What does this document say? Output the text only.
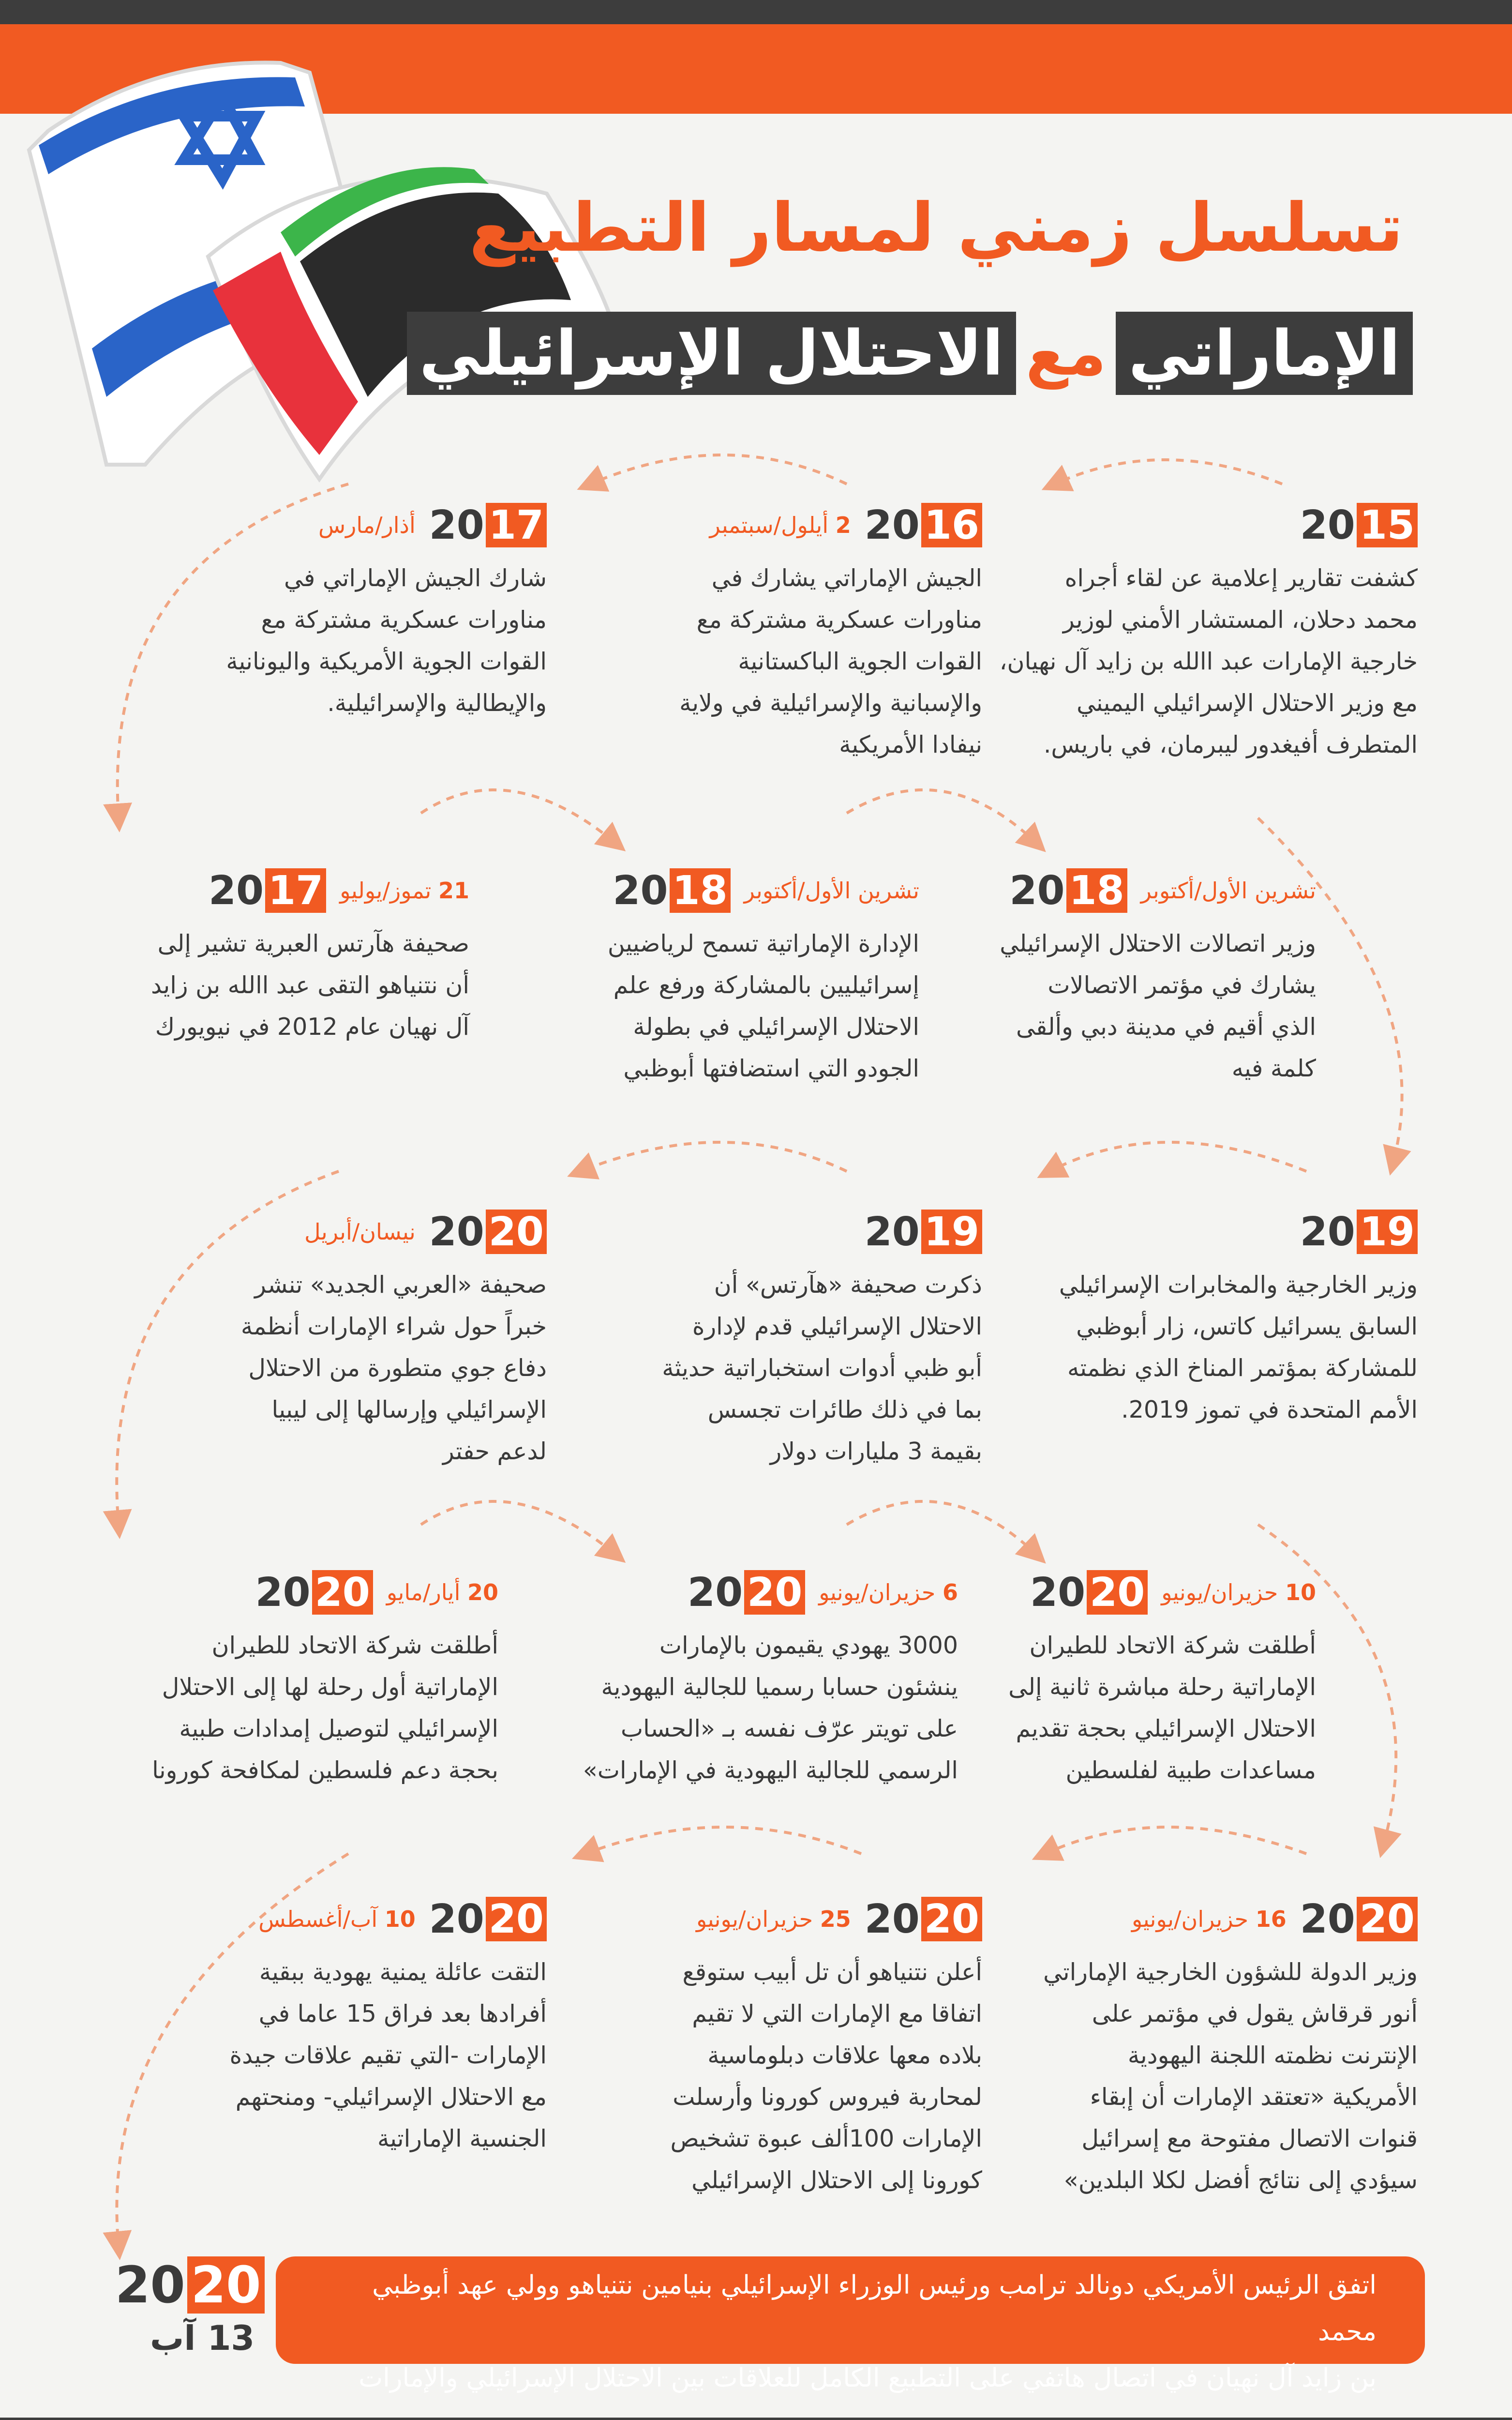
تسلسل زمني لمسار التطبيع
الإماراتي
مع
الاحتلال الإسرائيلي
20 15
كشفت تقارير إعلامية عن لقاء أجراه
محمد دحلان، المستشار الأمني لوزير
خارجية الإمارات عبد االله بن زايد آل نهيان،
مع وزير الاحتلال الإسرائيلي اليميني
المتطرف أفيغدور ليبرمان، في باريس.
20 16
2 أيلول/سبتمبر
الجيش الإماراتي يشارك في
مناورات عسكرية مشتركة مع
القوات الجوية الباكستانية
والإسبانية والإسرائيلية في ولاية
نيفادا الأمريكية
20 17
أذار/مارس
شارك الجيش الإماراتي في
مناورات عسكرية مشتركة مع
القوات الجوية الأمريكية واليونانية
والإيطالية والإسرائيلية.
تشرين الأول/أكتوبر
20 18
وزير اتصالات الاحتلال الإسرائيلي
يشارك في مؤتمر الاتصالات
الذي أقيم في مدينة دبي وألقى
كلمة فيه
تشرين الأول/أكتوبر
20 18
الإدارة الإماراتية تسمح لرياضيين
إسرائيليين بالمشاركة ورفع علم
الاحتلال الإسرائيلي في بطولة
الجودو التي استضافتها أبوظبي
21 تموز/يوليو
20 17
صحيفة هآرتس العبرية تشير إلى
أن نتنياهو التقى عبد االله بن زايد
آل نهيان عام 2012 في نيويورك
20 19
وزير الخارجية والمخابرات الإسرائيلي
السابق يسرائيل كاتس، زار أبوظبي
للمشاركة بمؤتمر المناخ الذي نظمته
الأمم المتحدة في تموز 2019.
20 19
ذكرت صحيفة «هآرتس» أن
الاحتلال الإسرائيلي قدم لإدارة
أبو ظبي أدوات استخباراتية حديثة
بما في ذلك طائرات تجسس
بقيمة 3 مليارات دولار
20 20
نيسان/أبريل
صحيفة «العربي الجديد» تنشر
خبراً حول شراء الإمارات أنظمة
دفاع جوي متطورة من الاحتلال
الإسرائيلي وإرسالها إلى ليبيا
لدعم حفتر
10 حزيران/يونيو
20 20
أطلقت شركة الاتحاد للطيران
الإماراتية رحلة مباشرة ثانية إلى
الاحتلال الإسرائيلي بحجة تقديم
مساعدات طبية لفلسطين
6 حزيران/يونيو
20 20
3000 يهودي يقيمون بالإمارات
ينشئون حسابا رسميا للجالية اليهودية
على تويتر عرّف نفسه بـ «الحساب
الرسمي للجالية اليهودية في الإمارات»
20 أيار/مايو
20 20
أطلقت شركة الاتحاد للطيران
الإماراتية أول رحلة لها إلى الاحتلال
الإسرائيلي لتوصيل إمدادات طبية
بحجة دعم فلسطين لمكافحة كورونا
20 20
16 حزيران/يونيو
وزير الدولة للشؤون الخارجية الإماراتي
أنور قرقاش يقول في مؤتمر على
الإنترنت نظمته اللجنة اليهودية
الأمريكية «تعتقد الإمارات أن إبقاء
قنوات الاتصال مفتوحة مع إسرائيل
سيؤدي إلى نتائج أفضل لكلا البلدين»
20 20
25 حزيران/يونيو
أعلن نتنياهو أن تل أبيب ستوقع
اتفاقا مع الإمارات التي لا تقيم
بلاده معها علاقات دبلوماسية
لمحاربة فيروس كورونا وأرسلت
الإمارات 100ألف عبوة تشخيص
كورونا إلى الاحتلال الإسرائيلي
20 20
10 آب/أغسطس
التقت عائلة يمنية يهودية ببقية
أفرادها بعد فراق 15 عاما في
الإمارات -التي تقيم علاقات جيدة
مع الاحتلال الإسرائيلي- ومنحتهم
الجنسية الإماراتية
20 20
13 آب
اتفق الرئيس الأمريكي دونالد ترامب ورئيس الوزراء الإسرائيلي بنيامين نتنياهو وولي عهد أبوظبي محمد
بن زايد آل نهيان في اتصال هاتفي على التطبيع الكامل للعلاقات بين الاحتلال الإسرائيلي والإمارات
